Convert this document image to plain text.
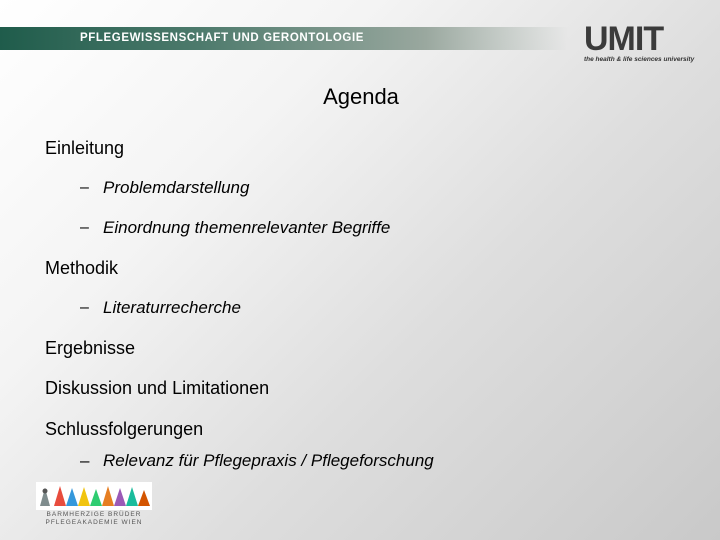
PFLEGEWISSENSCHAFT UND GERONTOLOGIE	UMIT
the health & life sciences university
Agenda
Einleitung
– Problemdarstellung
– Einordnung themenrelevanter Begriffe
Methodik
– Literaturrecherche
Ergebnisse
Diskussion und Limitationen
Schlussfolgerungen
– Relevanz für Pflegepraxis / Pflegeforschung
BARMHERZIGE BRÜDER
PFLEGEAKADEMIE WIEN
